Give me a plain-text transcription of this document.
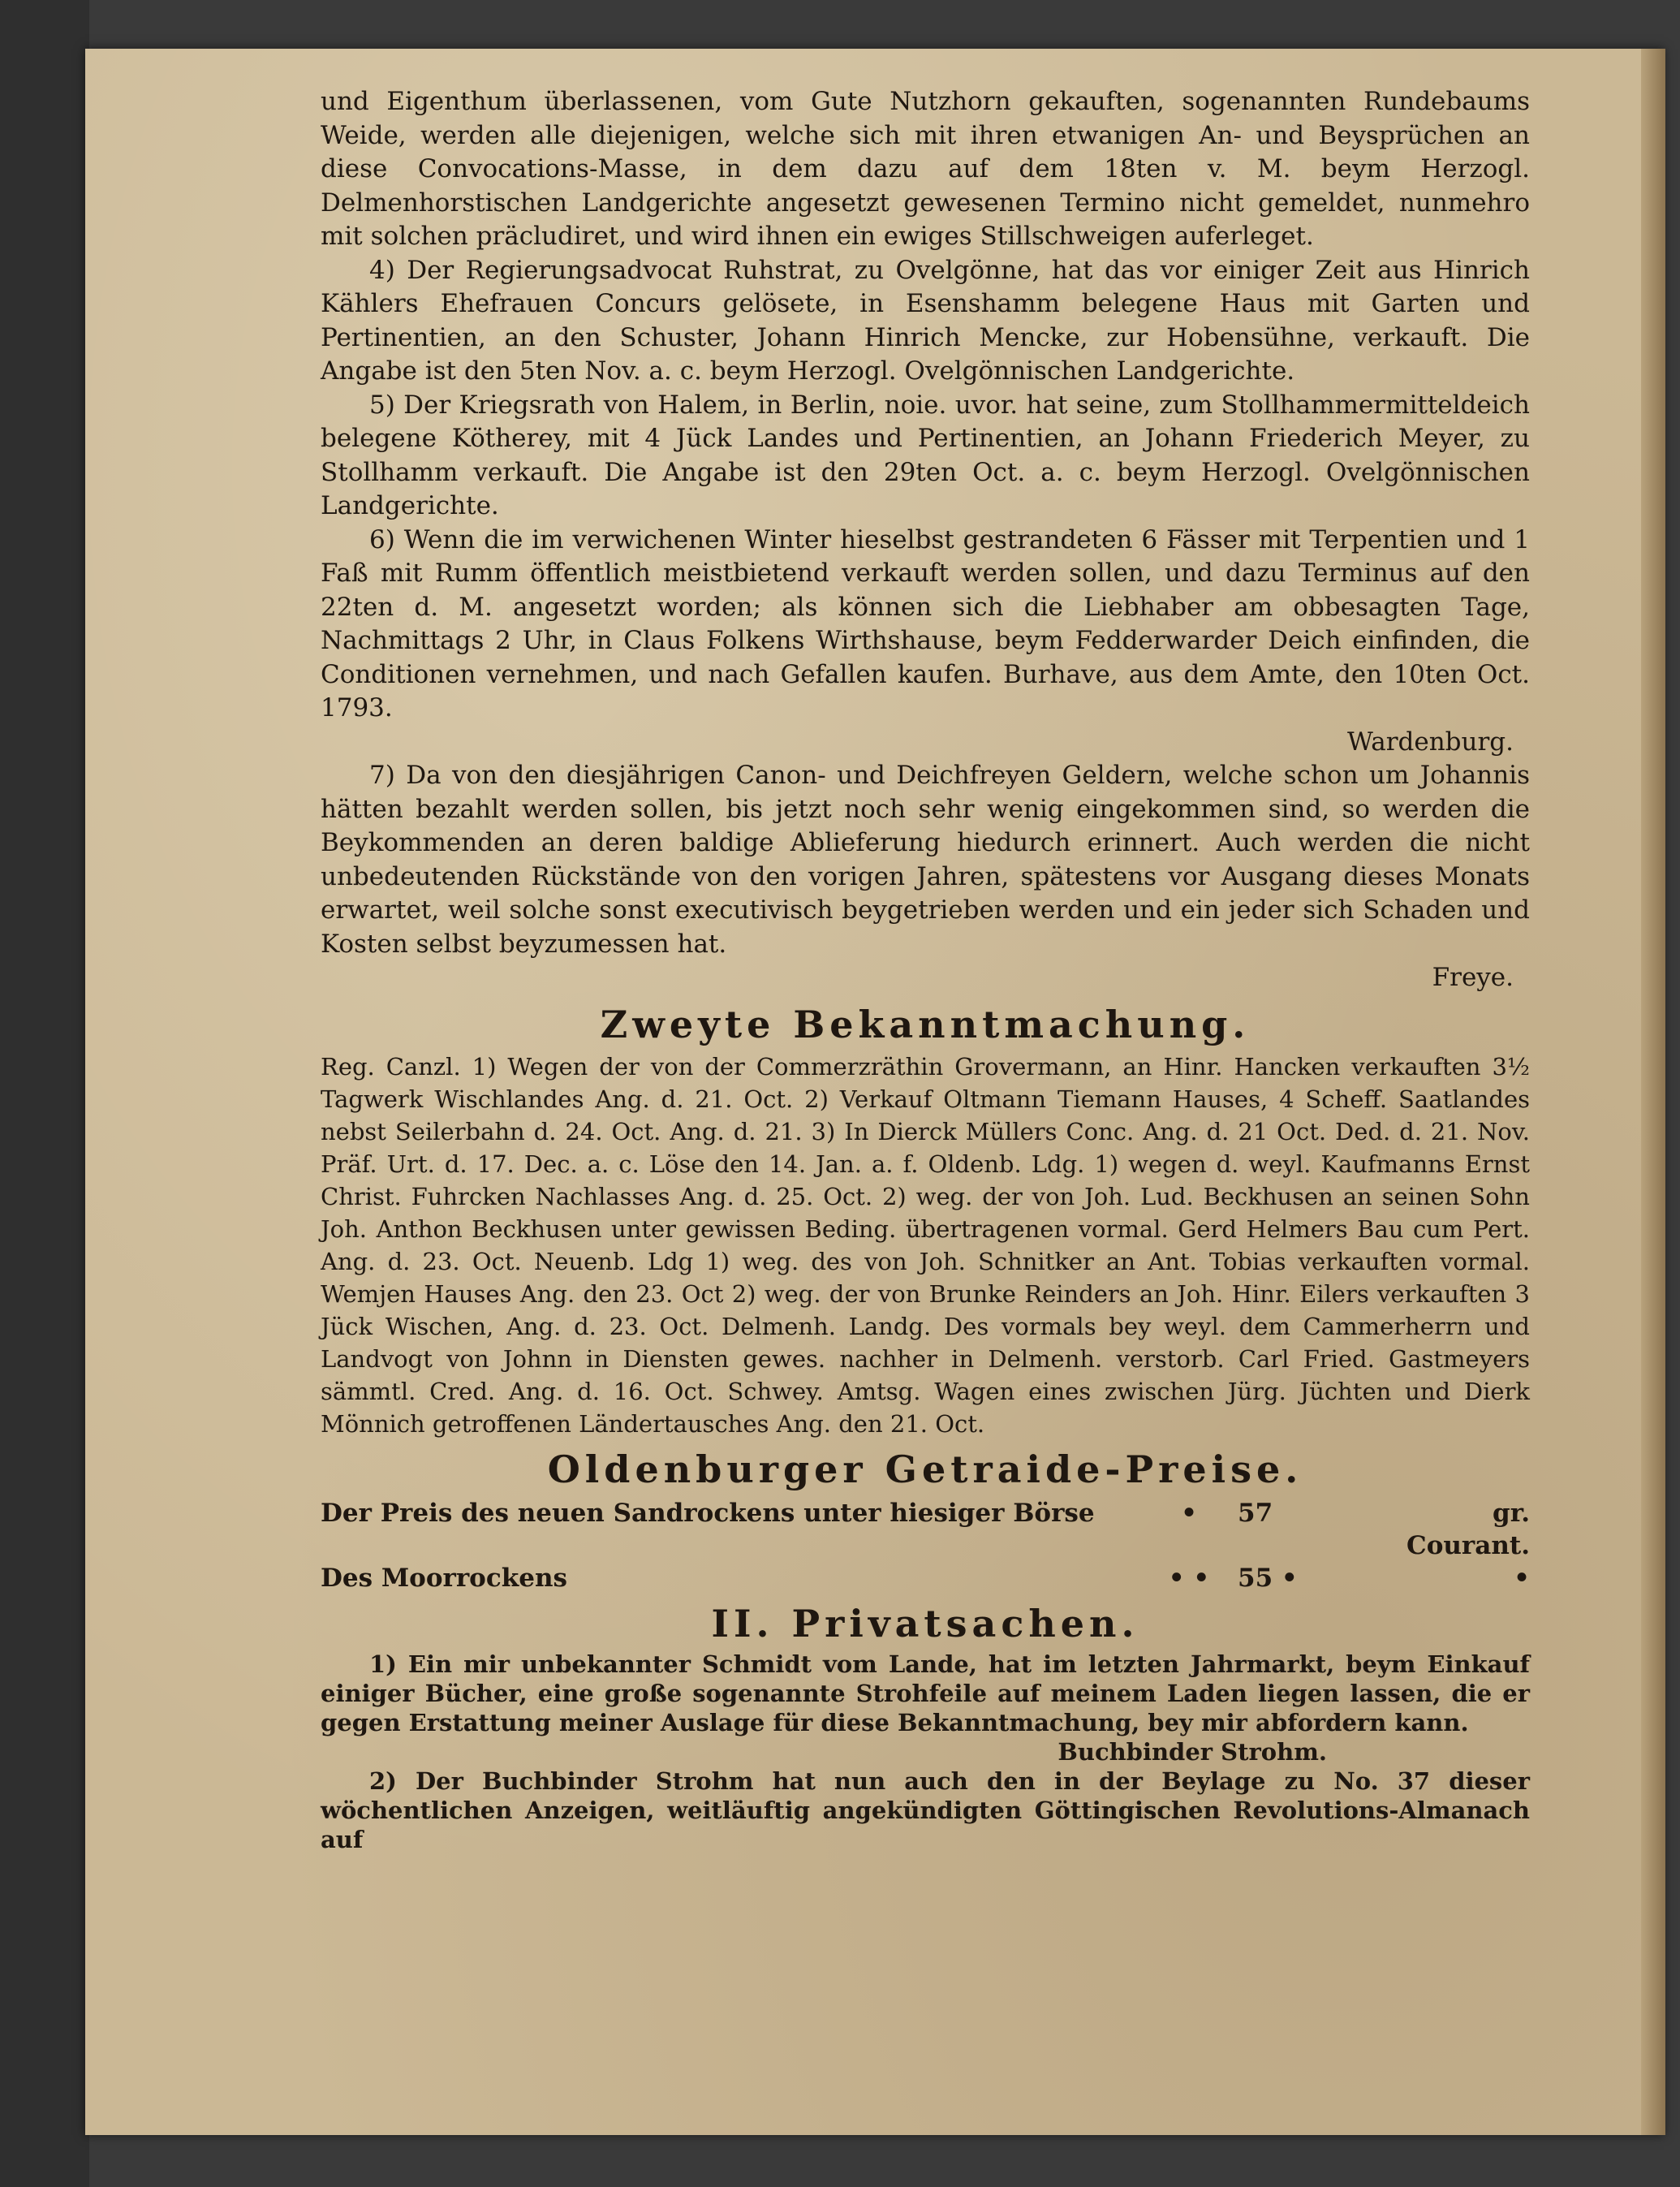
und Eigenthum überlassenen, vom Gute Nutzhorn gekauften, sogenannten Rundebaums Weide, werden alle diejenigen, welche sich mit ihren etwanigen An- und Beysprüchen an diese Convocations-Masse, in dem dazu auf dem 18ten v. M. beym Herzogl. Delmenhorstischen Landgerichte angesetzt gewesenen Termino nicht gemeldet, nunmehro mit solchen präcludiret, und wird ihnen ein ewiges Stillschweigen auferleget.

4) Der Regierungsadvocat Ruhstrat, zu Ovelgönne, hat das vor einiger Zeit aus Hinrich Kählers Ehefrauen Concurs gelösete, in Esenshamm belegene Haus mit Garten und Pertinentien, an den Schuster, Johann Hinrich Mencke, zur Hobensühne, verkauft. Die Angabe ist den 5ten Nov. a. c. beym Herzogl. Ovelgönnischen Landgerichte.

5) Der Kriegsrath von Halem, in Berlin, noie. uvor. hat seine, zum Stollhammermitteldeich belegene Kötherey, mit 4 Jück Landes und Pertinentien, an Johann Friederich Meyer, zu Stollhamm verkauft. Die Angabe ist den 29ten Oct. a. c. beym Herzogl. Ovelgönnischen Landgerichte.

6) Wenn die im verwichenen Winter hieselbst gestrandeten 6 Fässer mit Terpentien und 1 Faß mit Rumm öffentlich meistbietend verkauft werden sollen, und dazu Terminus auf den 22ten d. M. angesetzt worden; als können sich die Liebhaber am obbesagten Tage, Nachmittags 2 Uhr, in Claus Folkens Wirthshause, beym Fedderwarder Deich einfinden, die Conditionen vernehmen, und nach Gefallen kaufen. Burhave, aus dem Amte, den 10ten Oct. 1793.

Wardenburg.

7) Da von den diesjährigen Canon- und Deichfreyen Geldern, welche schon um Johannis hätten bezahlt werden sollen, bis jetzt noch sehr wenig eingekommen sind, so werden die Beykommenden an deren baldige Ablieferung hiedurch erinnert. Auch werden die nicht unbedeutenden Rückstände von den vorigen Jahren, spätestens vor Ausgang dieses Monats erwartet, weil solche sonst executivisch beygetrieben werden und ein jeder sich Schaden und Kosten selbst beyzumessen hat.

Freye.

Zweyte Bekanntmachung.

Reg. Canzl. 1) Wegen der von der Commerzräthin Grovermann, an Hinr. Hancken verkauften 3½ Tagwerk Wischlandes Ang. d. 21. Oct. 2) Verkauf Oltmann Tiemann Hauses, 4 Scheff. Saatlandes nebst Seilerbahn d. 24. Oct. Ang. d. 21. 3) In Dierck Müllers Conc. Ang. d. 21 Oct. Ded. d. 21. Nov. Präf. Urt. d. 17. Dec. a. c. Löse den 14. Jan. a. f. Oldenb. Ldg. 1) wegen d. weyl. Kaufmanns Ernst Christ. Fuhrcken Nachlasses Ang. d. 25. Oct. 2) weg. der von Joh. Lud. Beckhusen an seinen Sohn Joh. Anthon Beckhusen unter gewissen Beding. übertragenen vormal. Gerd Helmers Bau cum Pert. Ang. d. 23. Oct. Neuenb. Ldg 1) weg. des von Joh. Schnitker an Ant. Tobias verkauften vormal. Wemjen Hauses Ang. den 23. Oct 2) weg. der von Brunke Reinders an Joh. Hinr. Eilers verkauften 3 Jück Wischen, Ang. d. 23. Oct. Delmenh. Landg. Des vormals bey weyl. dem Cammerherrn und Landvogt von Johnn in Diensten gewes. nachher in Delmenh. verstorb. Carl Fried. Gastmeyers sämmtl. Cred. Ang. d. 16. Oct. Schwey. Amtsg. Wagen eines zwischen Jürg. Jüchten und Dierk Mönnich getroffenen Ländertausches Ang. den 21. Oct.

Oldenburger Getraide-Preise.
Der Preis des neuen Sandrockens unter hiesiger Börse	•	57	gr. Courant.
Des Moorrockens	• •	55 •	•
II. Privatsachen.

1) Ein mir unbekannter Schmidt vom Lande, hat im letzten Jahrmarkt, beym Einkauf einiger Bücher, eine große sogenannte Strohfeile auf meinem Laden liegen lassen, die er gegen Erstattung meiner Auslage für diese Bekanntmachung, bey mir abfordern kann.

Buchbinder Strohm.

2) Der Buchbinder Strohm hat nun auch den in der Beylage zu No. 37 dieser wöchentlichen Anzeigen, weitläuftig angekündigten Göttingischen Revolutions-Almanach auf
